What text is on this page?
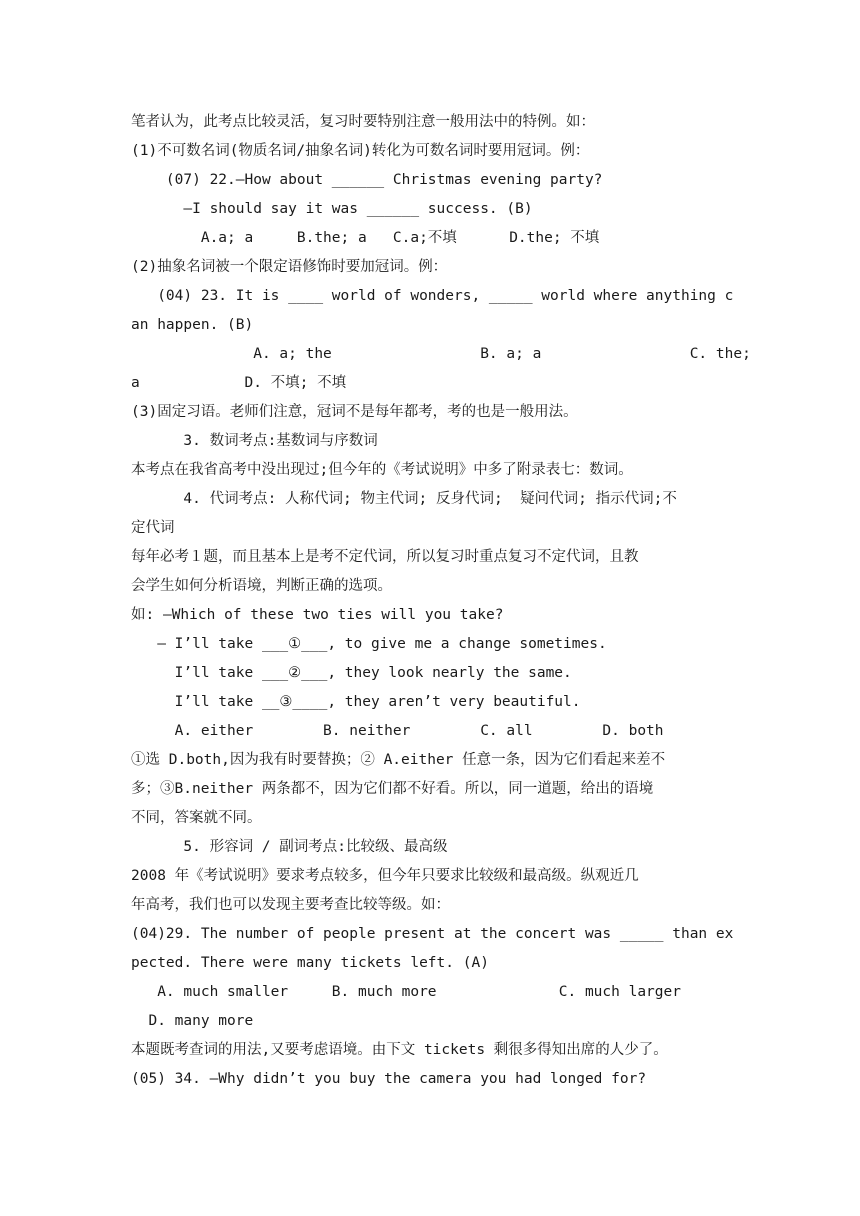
笔者认为，此考点比较灵活，复习时要特别注意一般用法中的特例。如：
(1)不可数名词(物质名词/抽象名词)转化为可数名词时要用冠词。例：
(07) 22.—How about ______ Christmas evening party?
—I should say it was ______ success. (B)
A.a; a     B.the; a   C.a;不填      D.the; 不填
(2)抽象名词被一个限定语修饰时要加冠词。例：
(04) 23. It is ____ world of wonders, _____ world where anything c
an happen. (B)
A. a; the                 B. a; a                 C. the;
a            D. 不填; 不填
(3)固定习语。老师们注意，冠词不是每年都考，考的也是一般用法。
3. 数词考点:基数词与序数词
本考点在我省高考中没出现过;但今年的《考试说明》中多了附录表七：数词。
4. 代词考点: 人称代词; 物主代词; 反身代词;  疑问代词; 指示代词;不
定代词
每年必考１题，而且基本上是考不定代词，所以复习时重点复习不定代词，且教
会学生如何分析语境，判断正确的选项。
如: —Which of these two ties will you take?
— I’ll take ___①___, to give me a change sometimes.
I’ll take ___②___, they look nearly the same.
I’ll take __③____, they aren’t very beautiful.
A. either        B. neither        C. all        D. both
①选 D.both,因为我有时要替换；② A.either 任意一条，因为它们看起来差不
多；③B.neither 两条都不，因为它们都不好看。所以，同一道题，给出的语境
不同，答案就不同。
5. 形容词 / 副词考点:比较级、最高级
2008 年《考试说明》要求考点较多，但今年只要求比较级和最高级。纵观近几
年高考，我们也可以发现主要考查比较等级。如：
(04)29. The number of people present at the concert was _____ than ex
pected. There were many tickets left. (A)
A. much smaller     B. much more              C. much larger
D. many more
本题既考查词的用法,又要考虑语境。由下文 tickets 剩很多得知出席的人少了。
(05) 34. —Why didn’t you buy the camera you had longed for?
